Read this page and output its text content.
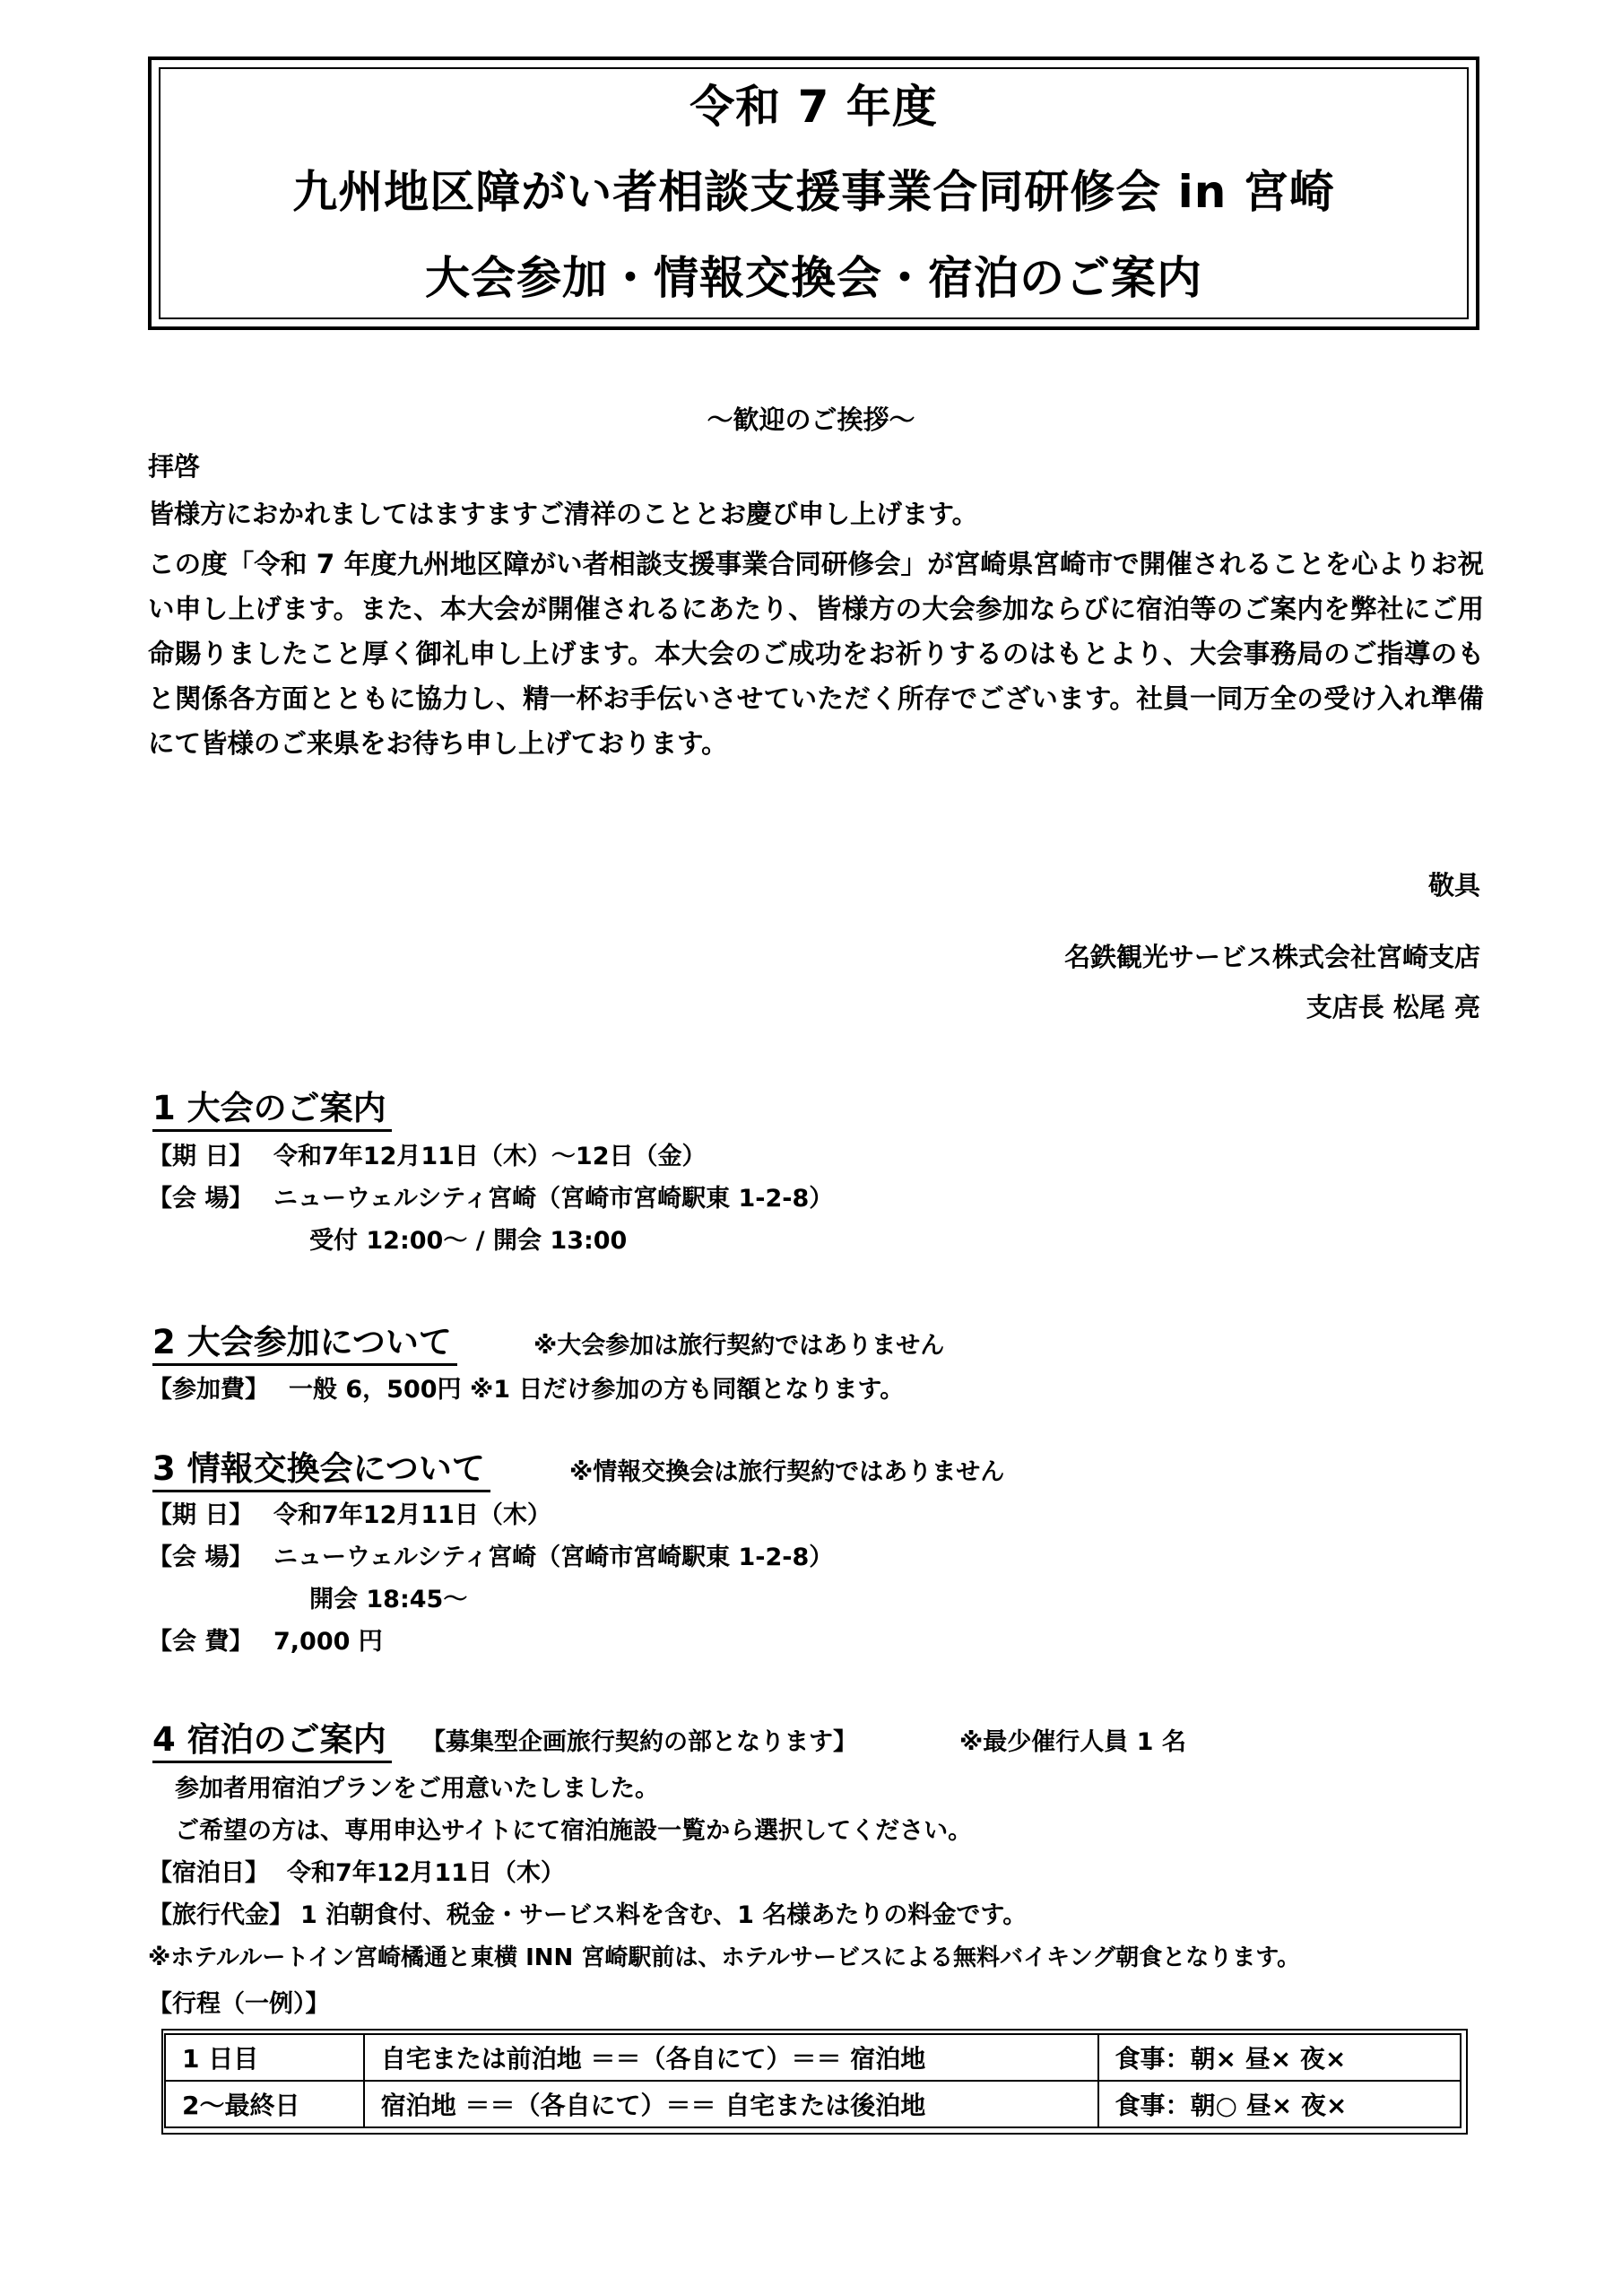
令和 7 年度
九州地区障がい者相談支援事業合同研修会 in 宮崎
大会参加・情報交換会・宿泊のご案内
～歓迎のご挨拶～
拝啓
皆様方におかれましてはますますご清祥のこととお慶び申し上げます。
この度「令和 7 年度九州地区障がい者相談支援事業合同研修会」が宮崎県宮崎市で開催されることを心よりお祝い申し上げます。また、本大会が開催されるにあたり、皆様方の大会参加ならびに宿泊等のご案内を弊社にご用命賜りましたこと厚く御礼申し上げます。本大会のご成功をお祈りするのはもとより、大会事務局のご指導のもと関係各方面とともに協力し、精一杯お手伝いさせていただく所存でございます。社員一同万全の受け入れ準備にて皆様のご来県をお待ち申し上げております。
敬具
名鉄観光サービス株式会社宮崎支店
支店長 松尾 亮
1 大会のご案内
【期 日】 令和7年12月11日（木）～12日（金）
【会 場】 ニューウェルシティ宮崎（宮崎市宮崎駅東 1-2-8）
受付 12:00～ / 開会 13:00
2 大会参加について	※大会参加は旅行契約ではありません
【参加費】 一般 6，500円 ※1 日だけ参加の方も同額となります。
3 情報交換会について	※情報交換会は旅行契約ではありません
【期 日】 令和7年12月11日（木）
【会 場】 ニューウェルシティ宮崎（宮崎市宮崎駅東 1-2-8）
開会 18:45～
【会 費】 7,000 円
4 宿泊のご案内 【募集型企画旅行契約の部となります】	※最少催行人員 1 名
参加者用宿泊プランをご用意いたしました。
ご希望の方は、専用申込サイトにて宿泊施設一覧から選択してください。
【宿泊日】 令和7年12月11日（木）
【旅行代金】 1 泊朝食付、税金・サービス料を含む、1 名様あたりの料金です。
※ホテルルートイン宮崎橘通と東横 INN 宮崎駅前は、ホテルサービスによる無料バイキング朝食となります。
【行程（一例）】
1 日目	自宅または前泊地 ＝＝（各自にて）＝＝ 宿泊地	食事：朝× 昼× 夜×
2～最終日	宿泊地 ＝＝（各自にて）＝＝ 自宅または後泊地	食事：朝○ 昼× 夜×
